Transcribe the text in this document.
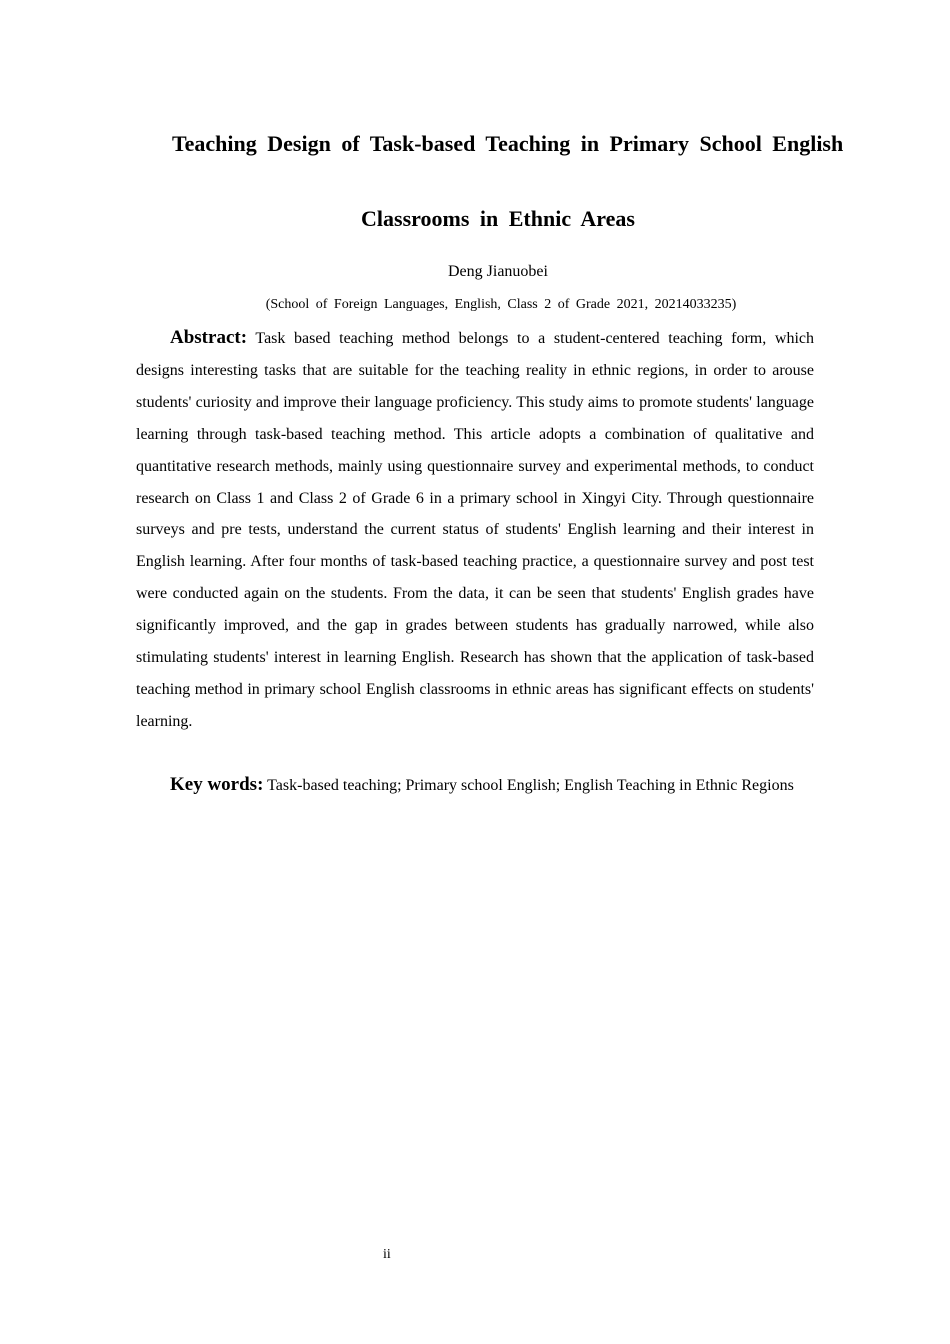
Teaching Design of Task-based Teaching in Primary School English
Classrooms in Ethnic Areas
Deng Jianuobei
(School of Foreign Languages, English, Class 2 of Grade 2021, 20214033235)
Abstract: Task based teaching method belongs to a student-centered teaching form, which designs interesting tasks that are suitable for the teaching reality in ethnic regions, in order to arouse students' curiosity and improve their language proficiency. This study aims to promote students' language learning through task-based teaching method. This article adopts a combination of qualitative and quantitative research methods, mainly using questionnaire survey and experimental methods, to conduct research on Class 1 and Class 2 of Grade 6 in a primary school in Xingyi City. Through questionnaire surveys and pre tests, understand the current status of students' English learning and their interest in English learning. After four months of task-based teaching practice, a questionnaire survey and post test were conducted again on the students. From the data, it can be seen that students' English grades have significantly improved, and the gap in grades between students has gradually narrowed, while also stimulating students' interest in learning English. Research has shown that the application of task-based teaching method in primary school English classrooms in ethnic areas has significant effects on students' learning.
Key words: Task-based teaching; Primary school English; English Teaching in Ethnic Regions
ii
